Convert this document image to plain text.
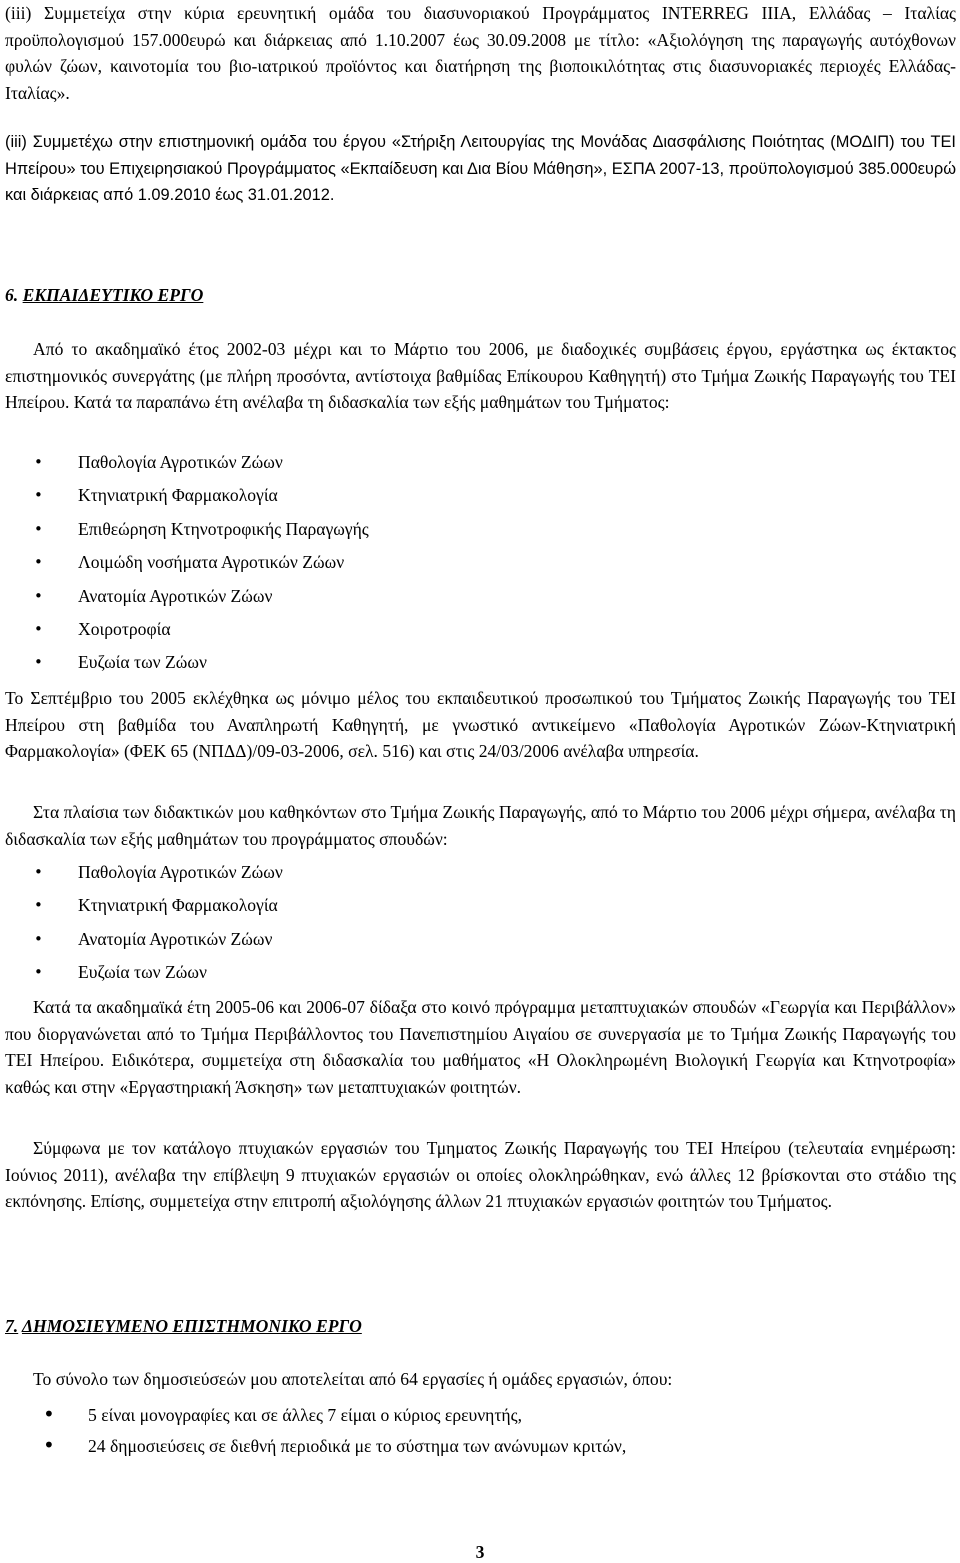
(iii) Συμμετείχα στην κύρια ερευνητική ομάδα του διασυνοριακού Προγράμματος INTERREG IIIA, Ελλάδας – Ιταλίας προϋπολογισμού 157.000ευρώ και διάρκειας από 1.10.2007 έως 30.09.2008 με τίτλο: «Αξιολόγηση της παραγωγής αυτόχθονων φυλών ζώων, καινοτομία του βιο-ιατρικού προϊόντος και διατήρηση της βιοποικιλότητας στις διασυνοριακές περιοχές Ελλάδας-Ιταλίας».

(iii) Συμμετέχω στην επιστημονική ομάδα του έργου «Στήριξη Λειτουργίας της Μονάδας Διασφάλισης Ποιότητας (ΜΟΔΙΠ) του ΤΕΙ Ηπείρου» του Επιχειρησιακού Προγράμματος «Εκπαίδευση και Δια Βίου Μάθηση», ΕΣΠΑ 2007-13, προϋπολογισμού 385.000ευρώ και διάρκειας από 1.09.2010 έως 31.01.2012.

6. ΕΚΠΑΙΔΕΥΤΙΚΟ ΕΡΓΟ

Από το ακαδημαϊκό έτος 2002-03 μέχρι και το Μάρτιο του 2006, με διαδοχικές συμβάσεις έργου, εργάστηκα ως έκτακτος επιστημονικός συνεργάτης (με πλήρη προσόντα, αντίστοιχα βαθμίδας Επίκουρου Καθηγητή) στο Τμήμα Ζωικής Παραγωγής του ΤΕΙ Ηπείρου. Κατά τα παραπάνω έτη ανέλαβα τη διδασκαλία των εξής μαθημάτων του Τμήματος:

• Παθολογία Αγροτικών Ζώων
• Κτηνιατρική Φαρμακολογία
• Επιθεώρηση Κτηνοτροφικής Παραγωγής
• Λοιμώδη νοσήματα Αγροτικών Ζώων
• Ανατομία Αγροτικών Ζώων
• Χοιροτροφία
• Ευζωία των Ζώων

Το Σεπτέμβριο του 2005 εκλέχθηκα ως μόνιμο μέλος του εκπαιδευτικού προσωπικού του Τμήματος Ζωικής Παραγωγής του ΤΕΙ Ηπείρου στη βαθμίδα του Αναπληρωτή Καθηγητή, με γνωστικό αντικείμενο «Παθολογία Αγροτικών Ζώων-Κτηνιατρική Φαρμακολογία» (ΦΕΚ 65 (ΝΠΔΔ)/09-03-2006, σελ. 516) και στις 24/03/2006 ανέλαβα υπηρεσία.

Στα πλαίσια των διδακτικών μου καθηκόντων στο Τμήμα Ζωικής Παραγωγής, από το Μάρτιο του 2006 μέχρι σήμερα, ανέλαβα τη διδασκαλία των εξής μαθημάτων του προγράμματος σπουδών:

• Παθολογία Αγροτικών Ζώων
• Κτηνιατρική Φαρμακολογία
• Ανατομία Αγροτικών Ζώων
• Ευζωία των Ζώων

Κατά τα ακαδημαϊκά έτη 2005-06 και 2006-07 δίδαξα στο κοινό πρόγραμμα μεταπτυχιακών σπουδών «Γεωργία και Περιβάλλον» που διοργανώνεται από το Τμήμα Περιβάλλοντος του Πανεπιστημίου Αιγαίου σε συνεργασία με το Τμήμα Ζωικής Παραγωγής του ΤΕΙ Ηπείρου. Ειδικότερα, συμμετείχα στη διδασκαλία του μαθήματος «Η Ολοκληρωμένη Βιολογική Γεωργία και Κτηνοτροφία» καθώς και στην «Εργαστηριακή Άσκηση» των μεταπτυχιακών φοιτητών.

Σύμφωνα με τον κατάλογο πτυχιακών εργασιών του Τμηματος Ζωικής Παραγωγής του ΤΕΙ Ηπείρου (τελευταία ενημέρωση: Ιούνιος 2011), ανέλαβα την επίβλεψη 9 πτυχιακών εργασιών οι οποίες ολοκληρώθηκαν, ενώ άλλες 12 βρίσκονται στο στάδιο της εκπόνησης. Επίσης, συμμετείχα στην επιτροπή αξιολόγησης άλλων 21 πτυχιακών εργασιών φοιτητών του Τμήματος.

7. ΔΗΜΟΣΙΕΥΜΕΝΟ ΕΠΙΣΤΗΜΟΝΙΚΟ ΕΡΓΟ

Το σύνολο των δημοσιεύσεών μου αποτελείται από 64 εργασίες ή ομάδες εργασιών, όπου:

• 5 είναι μονογραφίες και σε άλλες 7 είμαι ο κύριος ερευνητής,
• 24 δημοσιεύσεις σε διεθνή περιοδικά με το σύστημα των ανώνυμων κριτών,
3
